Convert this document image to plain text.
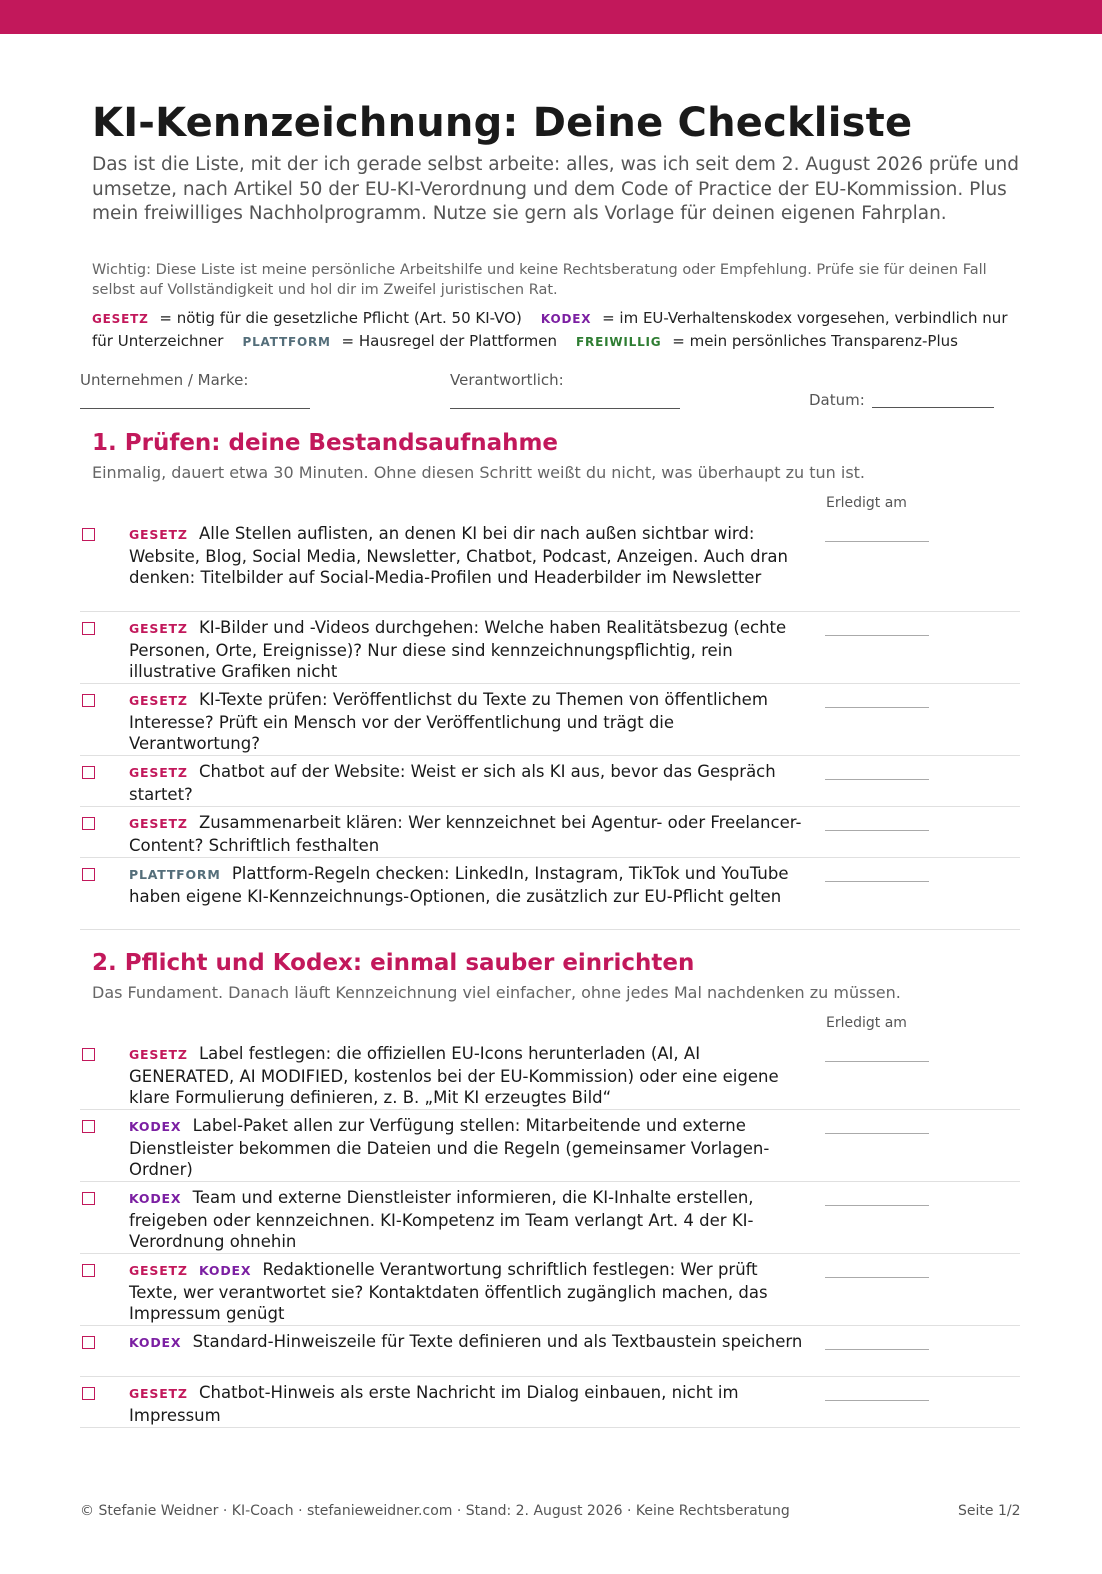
KI-Kennzeichnung: Deine Checkliste

Das ist die Liste, mit der ich gerade selbst arbeite: alles, was ich seit dem 2. August 2026 prüfe und umsetze, nach Artikel 50 der EU-KI-Verordnung und dem Code of Practice der EU-Kommission. Plus mein freiwilliges Nachholprogramm. Nutze sie gern als Vorlage für deinen eigenen Fahrplan.

Wichtig: Diese Liste ist meine persönliche Arbeitshilfe und keine Rechtsberatung oder Empfehlung. Prüfe sie für deinen Fall selbst auf Vollständigkeit und hol dir im Zweifel juristischen Rat.

GESETZ = nötig für die gesetzliche Pflicht (Art. 50 KI-VO) KODEX = im EU-Verhaltenskodex vorgesehen, verbindlich nur für Unterzeichner PLATTFORM = Hausregel der Plattformen FREIWILLIG = mein persönliches Transparenz-Plus

Unternehmen / Marke:	Verantwortlich:
Datum:
1. Prüfen: deine Bestandsaufnahme

Einmalig, dauert etwa 30 Minuten. Ohne diesen Schritt weißt du nicht, was überhaupt zu tun ist.

Erledigt am

GESETZ Alle Stellen auflisten, an denen KI bei dir nach außen sichtbar wird: Website, Blog, Social Media, Newsletter, Chatbot, Podcast, Anzeigen. Auch dran denken: Titelbilder auf Social-Media-Profilen und Headerbilder im Newsletter

GESETZ KI-Bilder und -Videos durchgehen: Welche haben Realitätsbezug (echte Personen, Orte, Ereignisse)? Nur diese sind kennzeichnungspflichtig, rein illustrative Grafiken nicht

GESETZ KI-Texte prüfen: Veröffentlichst du Texte zu Themen von öffentlichem Interesse? Prüft ein Mensch vor der Veröffentlichung und trägt die Verantwortung?

GESETZ Chatbot auf der Website: Weist er sich als KI aus, bevor das Gespräch startet?

GESETZ Zusammenarbeit klären: Wer kennzeichnet bei Agentur- oder Freelancer-Content? Schriftlich festhalten

PLATTFORM Plattform-Regeln checken: LinkedIn, Instagram, TikTok und YouTube haben eigene KI-Kennzeichnungs-Optionen, die zusätzlich zur EU-Pflicht gelten

2. Pflicht und Kodex: einmal sauber einrichten

Das Fundament. Danach läuft Kennzeichnung viel einfacher, ohne jedes Mal nachdenken zu müssen.

Erledigt am

GESETZ Label festlegen: die offiziellen EU-Icons herunterladen (AI, AI GENERATED, AI MODIFIED, kostenlos bei der EU-Kommission) oder eine eigene klare Formulierung definieren, z. B. „Mit KI erzeugtes Bild“

KODEX Label-Paket allen zur Verfügung stellen: Mitarbeitende und externe Dienstleister bekommen die Dateien und die Regeln (gemeinsamer Vorlagen-Ordner)

KODEX Team und externe Dienstleister informieren, die KI-Inhalte erstellen, freigeben oder kennzeichnen. KI-Kompetenz im Team verlangt Art. 4 der KI-Verordnung ohnehin

GESETZ KODEX Redaktionelle Verantwortung schriftlich festlegen: Wer prüft Texte, wer verantwortet sie? Kontaktdaten öffentlich zugänglich machen, das Impressum genügt

KODEX Standard-Hinweiszeile für Texte definieren und als Textbaustein speichern

GESETZ Chatbot-Hinweis als erste Nachricht im Dialog einbauen, nicht im Impressum

© Stefanie Weidner · KI-Coach · stefanieweidner.com · Stand: 2. August 2026 · Keine Rechtsberatung	Seite 1/2
